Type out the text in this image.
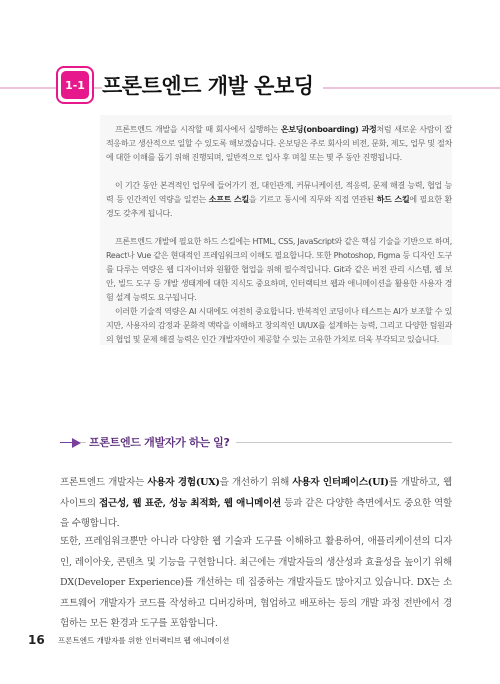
1-1 프론트엔드 개발 온보딩

프론트엔드 개발을 시작할 때 회사에서 실행하는 온보딩(onboarding) 과정처럼 새로운 사람이 잘 적응하고 생산적으로 일할 수 있도록 해보겠습니다. 온보딩은 주로 회사의 비전, 문화, 제도, 업무 및 절차에 대한 이해를 돕기 위해 진행되며, 일반적으로 입사 후 며칠 또는 몇 주 동안 진행됩니다.

이 기간 동안 본격적인 업무에 들어가기 전, 대인관계, 커뮤니케이션, 적응력, 문제 해결 능력, 협업 능력 등 인간적인 역량을 일컫는 소프트 스킬을 기르고 동시에 직무와 직접 연관된 하드 스킬에 필요한 환경도 갖추게 됩니다.

프론트엔드 개발에 필요한 하드 스킬에는 HTML, CSS, JavaScript와 같은 핵심 기술을 기반으로 하며, React나 Vue 같은 현대적인 프레임워크의 이해도 필요합니다. 또한 Photoshop, Figma 등 디자인 도구를 다루는 역량은 웹 디자이너와 원활한 협업을 위해 필수적입니다. Git과 같은 버전 관리 시스템, 웹 보안, 빌드 도구 등 개발 생태계에 대한 지식도 중요하며, 인터랙티브 웹과 애니메이션을 활용한 사용자 경험 설계 능력도 요구됩니다.

이러한 기술적 역량은 AI 시대에도 여전히 중요합니다. 반복적인 코딩이나 테스트는 AI가 보조할 수 있지만, 사용자의 감정과 문화적 맥락을 이해하고 창의적인 UI/UX를 설계하는 능력, 그리고 다양한 팀원과의 협업 및 문제 해결 능력은 인간 개발자만이 제공할 수 있는 고유한 가치로 더욱 부각되고 있습니다.

프론트엔드 개발자가 하는 일?

프론트엔드 개발자는 사용자 경험(UX)을 개선하기 위해 사용자 인터페이스(UI)를 개발하고, 웹 사이트의 접근성, 웹 표준, 성능 최적화, 웹 애니메이션 등과 같은 다양한 측면에서도 중요한 역할을 수행합니다.

또한, 프레임워크뿐만 아니라 다양한 웹 기술과 도구를 이해하고 활용하여, 애플리케이션의 디자인, 레이아웃, 콘텐츠 및 기능을 구현합니다. 최근에는 개발자들의 생산성과 효율성을 높이기 위해 DX(Developer Experience)를 개선하는 데 집중하는 개발자들도 많아지고 있습니다. DX는 소프트웨어 개발자가 코드를 작성하고 디버깅하며, 협업하고 배포하는 등의 개발 과정 전반에서 경험하는 모든 환경과 도구를 포함합니다.

16 프론트엔드 개발자를 위한 인터랙티브 웹 애니메이션
